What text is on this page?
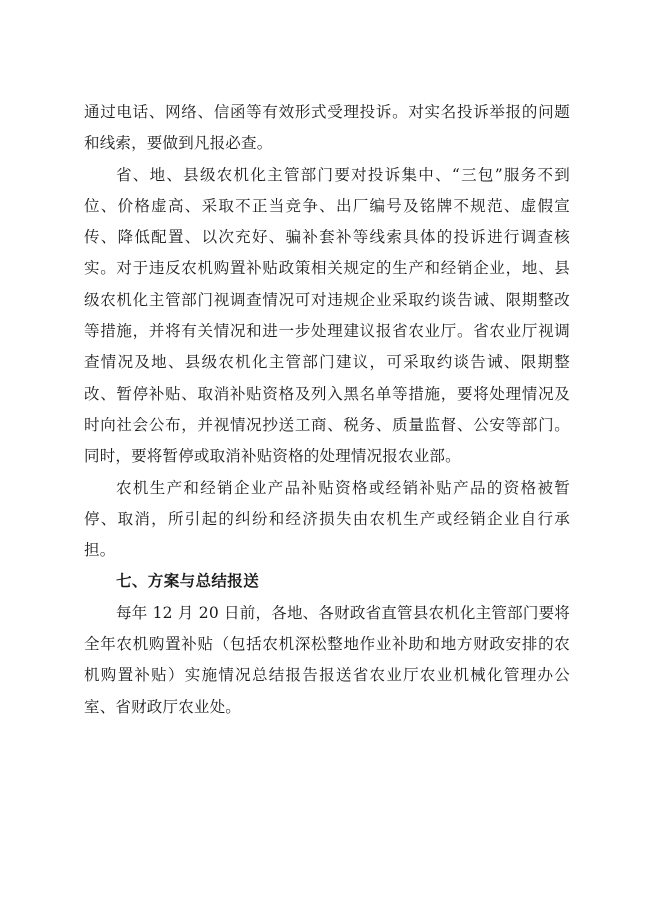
通过电话、网络、信函等有效形式受理投诉。对实名投诉举报的问题和线索，要做到凡报必查。

省、地、县级农机化主管部门要对投诉集中、“三包”服务不到位、价格虚高、采取不正当竞争、出厂编号及铭牌不规范、虚假宣传、降低配置、以次充好、骗补套补等线索具体的投诉进行调查核实。对于违反农机购置补贴政策相关规定的生产和经销企业，地、县级农机化主管部门视调查情况可对违规企业采取约谈告诫、限期整改等措施，并将有关情况和进一步处理建议报省农业厅。省农业厅视调查情况及地、县级农机化主管部门建议，可采取约谈告诫、限期整改、暂停补贴、取消补贴资格及列入黑名单等措施，要将处理情况及时向社会公布，并视情况抄送工商、税务、质量监督、公安等部门。同时，要将暂停或取消补贴资格的处理情况报农业部。

农机生产和经销企业产品补贴资格或经销补贴产品的资格被暂停、取消，所引起的纠纷和经济损失由农机生产或经销企业自行承担。

七、方案与总结报送

每年 12 月 20 日前，各地、各财政省直管县农机化主管部门要将全年农机购置补贴（包括农机深松整地作业补助和地方财政安排的农机购置补贴）实施情况总结报告报送省农业厅农业机械化管理办公室、省财政厅农业处。
